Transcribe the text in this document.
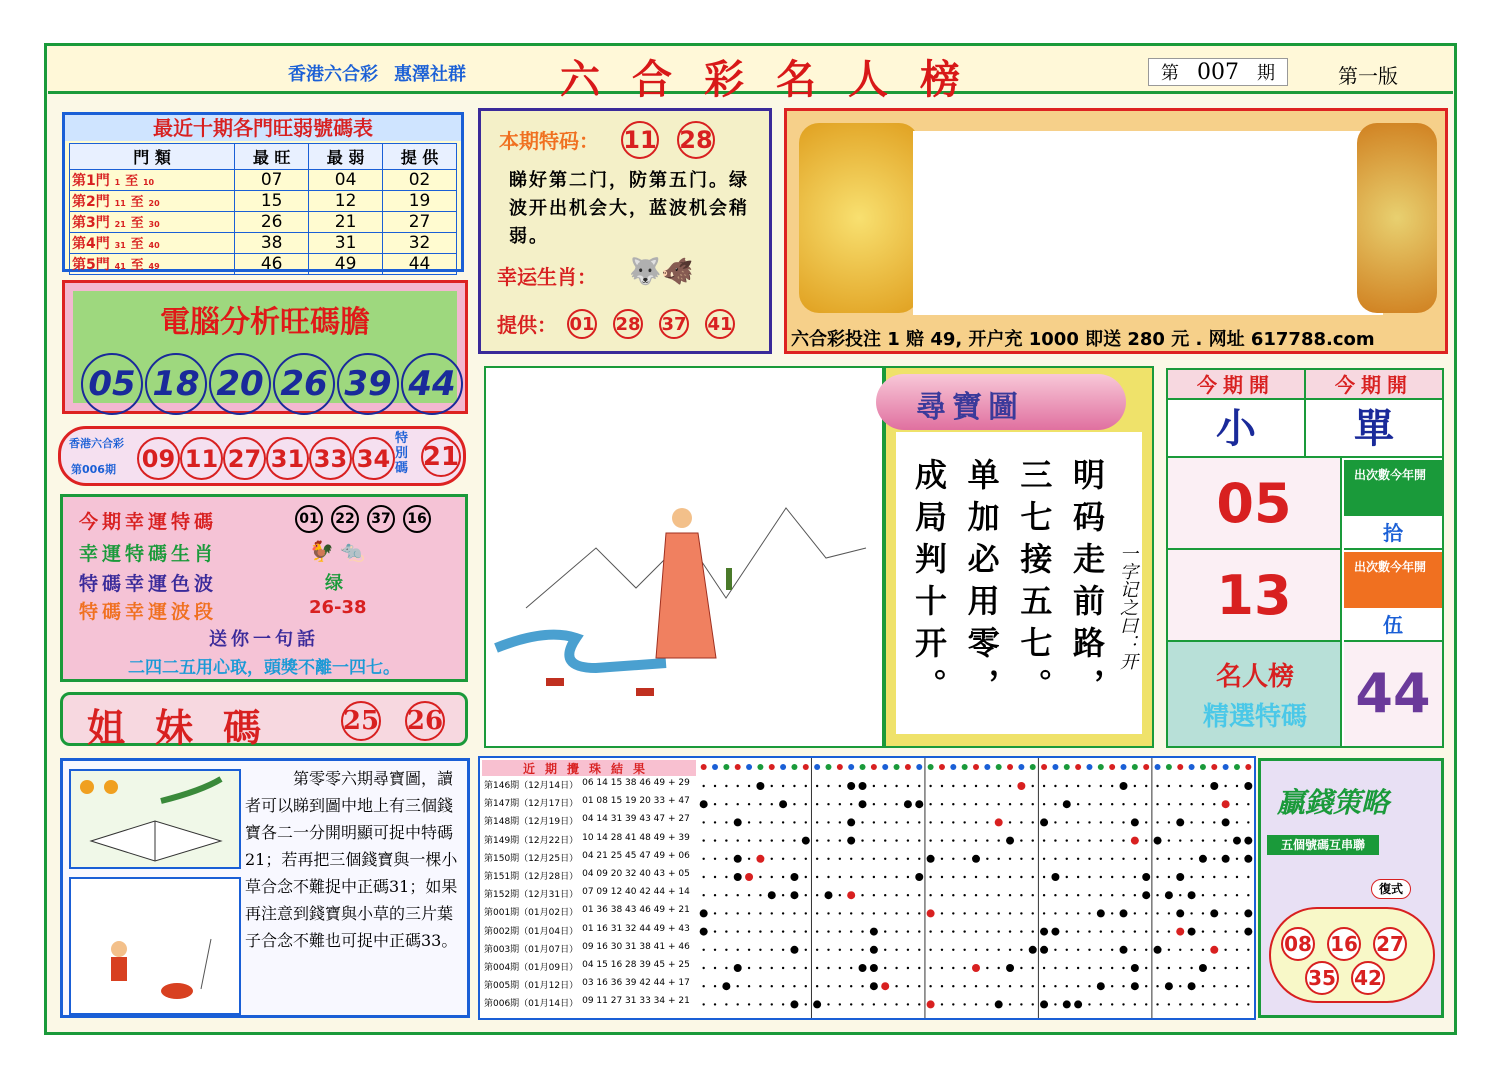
香港六合彩 惠澤社群	六合彩名人榜	第 007 期	第一版
最近十期各門旺弱號碼表
門 類	最 旺	最 弱	提 供
第1門 1 至 10	07	04	02
第2門 11 至 20	15	12	19
第3門 21 至 30	26	21	27
第4門 31 至 40	38	31	32
第5門 41 至 49	46	49	44
電腦分析旺碼膽
05 18 20 26 39 44
香港六合彩
第006期 09 11 27 31 33 34
特別碼 21
今期幸運特碼	01	22	37	16
幸運特碼生肖	🐓 🐀
特碼幸運色波	绿
特碼幸運波段	26-38
送你一句話
二四二五用心取，頭獎不離一四七。
姐妹碼 25 26
第零零六期尋寶圖，讀者可以睇到圖中地上有三個錢寶各二一分開明顯可捉中特碼21；若再把三個錢寶與一棵小草合念不難捉中正碼31；如果再注意到錢寶與小草的三片葉子合念不難也可捉中正碼33。
本期特码： 11 28
睇好第二门，防第五门。绿波开出机会大，蓝波机会稍弱。
幸运生肖： 🐺🐗
提供： 01 28 37 41
六合彩投注 1 赔 49, 开户充 1000 即送 280 元 . 网址 617788.com
尋寶圖
明码走前路，
三七接五七。
单加必用零，
成局判十开。	一字记之曰：开
今期開	今期開
小	單
05	出次數今年開
拾
13	出次數今年開
伍
名人榜
精選特碼 44
近期攪珠結果
第146期（12月14日） 06 14 15 38 46 49 + 29
第147期（12月17日） 01 08 15 19 20 33 + 47
第148期（12月19日） 04 14 31 39 43 47 + 27
第149期（12月22日） 10 14 28 41 48 49 + 39
第150期（12月25日） 04 21 25 45 47 49 + 06
第151期（12月28日） 04 09 20 32 40 43 + 05
第152期（12月31日） 07 09 12 40 42 44 + 14
第001期（01月02日） 01 36 38 43 46 49 + 21
第002期（01月04日） 01 16 31 32 44 49 + 43
第003期（01月07日） 09 16 30 31 38 41 + 46
第004期（01月09日） 04 15 16 28 39 45 + 25
第005期（01月12日） 03 16 36 39 42 44 + 17
第006期（01月14日） 09 11 27 31 33 34 + 21
贏錢策略
五個號碼互串聯
復式
08 16 27
35 42
